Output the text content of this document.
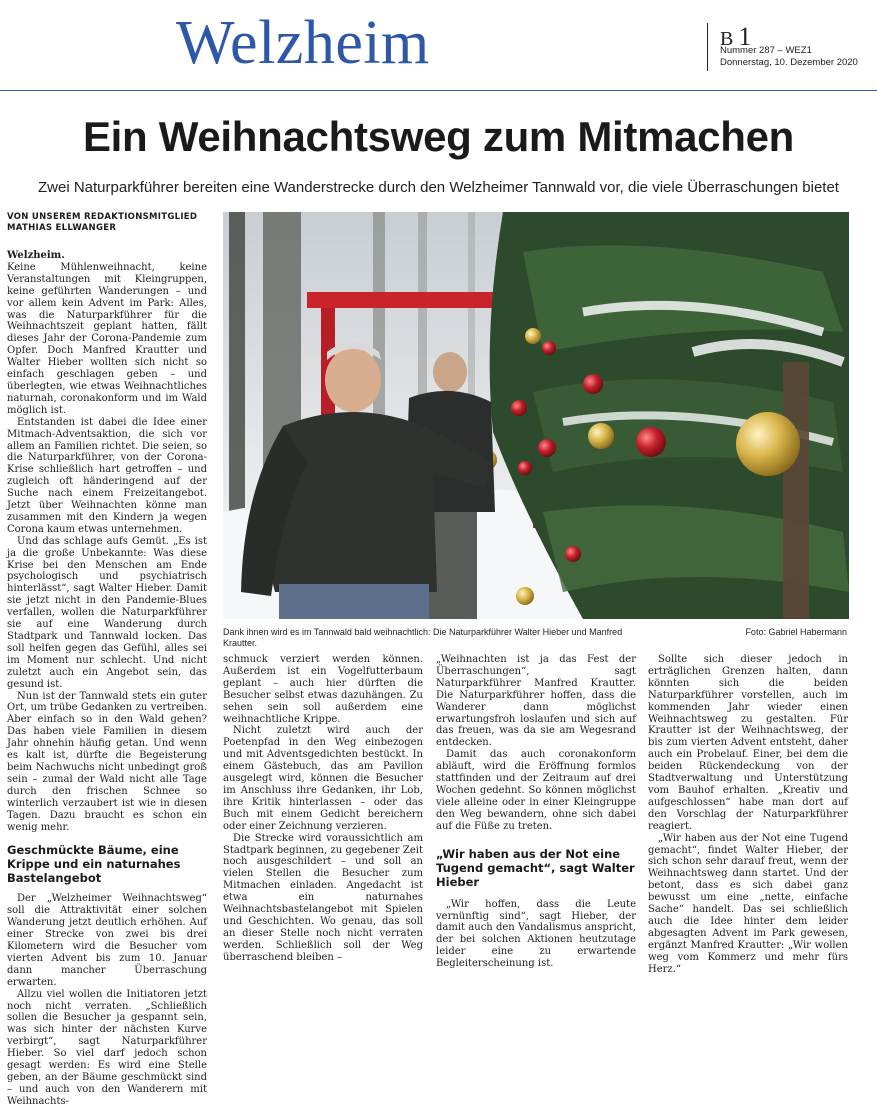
Welzheim	B 1
Nummer 287 – WEZ1
Donnerstag, 10. Dezember 2020
Ein Weihnachtsweg zum Mitmachen
Zwei Naturparkführer bereiten eine Wanderstrecke durch den Welzheimer Tannwald vor, die viele Überraschungen bietet
VON UNSEREM REDAKTIONSMITGLIED
MATHIAS ELLWANGER

Welzheim.
Keine Mühlenweihnacht, keine Veranstaltungen mit Kleingruppen, keine geführten Wanderungen – und vor allem kein Advent im Park: Alles, was die Naturparkführer für die Weihnachtszeit geplant hatten, fällt dieses Jahr der Corona-Pandemie zum Opfer. Doch Manfred Krautter und Walter Hieber wollten sich nicht so einfach geschlagen geben – und überlegten, wie etwas Weihnachtliches naturnah, coronakonform und im Wald möglich ist.

Entstanden ist dabei die Idee einer Mitmach-Adventsaktion, die sich vor allem an Familien richtet. Die seien, so die Naturparkführer, von der Corona-Krise schließlich hart getroffen – und zugleich oft händeringend auf der Suche nach einem Freizeitangebot. Jetzt über Weihnachten könne man zusammen mit den Kindern ja wegen Corona kaum etwas unternehmen.

Und das schlage aufs Gemüt. „Es ist ja die große Unbekannte: Was diese Krise bei den Menschen am Ende psychologisch und psychiatrisch hinterlässt“, sagt Walter Hieber. Damit sie jetzt nicht in den Pandemie-Blues verfallen, wollen die Naturparkführer sie auf eine Wanderung durch Stadtpark und Tannwald locken. Das soll helfen gegen das Gefühl, alles sei im Moment nur schlecht. Und nicht zuletzt auch ein Angebot sein, das gesund ist.

Nun ist der Tannwald stets ein guter Ort, um trübe Gedanken zu vertreiben. Aber einfach so in den Wald gehen? Das haben viele Familien in diesem Jahr ohnehin häufig getan. Und wenn es kalt ist, dürfte die Begeisterung beim Nachwuchs nicht unbedingt groß sein – zumal der Wald nicht alle Tage durch den frischen Schnee so winterlich verzaubert ist wie in diesen Tagen. Dazu braucht es schon ein wenig mehr.

Geschmückte Bäume, eine Krippe und ein naturnahes Bastelangebot

Der „Welzheimer Weihnachtsweg“ soll die Attraktivität einer solchen Wanderung jetzt deutlich erhöhen. Auf einer Strecke von zwei bis drei Kilometern wird die Besucher vom vierten Advent bis zum 10. Januar dann mancher Überraschung erwarten.

Allzu viel wollen die Initiatoren jetzt noch nicht verraten. „Schließlich sollen die Besucher ja gespannt sein, was sich hinter der nächsten Kurve verbirgt“, sagt Naturparkführer Hieber. So viel darf jedoch schon gesagt werden: Es wird eine Stelle geben, an der Bäume geschmückt sind – und auch von den Wanderern mit Weihnachts-

Dank ihnen wird es im Tannwald bald weihnachtlich: Die Naturparkführer Walter Hieber und Manfred Krautter.
Foto: Gabriel Habermann

schmuck verziert werden können. Außerdem ist ein Vogelfutterbaum geplant – auch hier dürften die Besucher selbst etwas dazuhängen. Zu sehen sein soll außerdem eine weihnachtliche Krippe.

Nicht zuletzt wird auch der Poetenpfad in den Weg einbezogen und mit Adventsgedichten bestückt. In einem Gästebuch, das am Pavillon ausgelegt wird, können die Besucher im Anschluss ihre Gedanken, ihr Lob, ihre Kritik hinterlassen – oder das Buch mit einem Gedicht bereichern oder einer Zeichnung verzieren.

Die Strecke wird voraussichtlich am Stadtpark beginnen, zu gegebener Zeit noch ausgeschildert – und soll an vielen Stellen die Besucher zum Mitmachen einladen. Angedacht ist etwa ein naturnahes Weihnachtsbastelangebot mit Spielen und Geschichten. Wo genau, das soll an dieser Stelle noch nicht verraten werden. Schließlich soll der Weg überraschend bleiben –

„Weihnachten ist ja das Fest der Überraschungen“, sagt Naturparkführer Manfred Krautter. Die Naturparkführer hoffen, dass die Wanderer dann möglichst erwartungsfroh loslaufen und sich auf das freuen, was da sie am Wegesrand entdecken.

Damit das auch coronakonform abläuft, wird die Eröffnung formlos stattfinden und der Zeitraum auf drei Wochen gedehnt. So können möglichst viele alleine oder in einer Kleingruppe den Weg bewandern, ohne sich dabei auf die Füße zu treten.

„Wir haben aus der Not eine Tugend gemacht“, sagt Walter Hieber

„Wir hoffen, dass die Leute vernünftig sind“, sagt Hieber, der damit auch den Vandalismus anspricht, der bei solchen Aktionen heutzutage leider eine zu erwartende Begleiterscheinung ist.

Sollte sich dieser jedoch in erträglichen Grenzen halten, dann könnten sich die beiden Naturparkführer vorstellen, auch im kommenden Jahr wieder einen Weihnachtsweg zu gestalten. Für Krautter ist der Weihnachtsweg, der bis zum vierten Advent entsteht, daher auch ein Probelauf. Einer, bei dem die beiden Rückendeckung von der Stadtverwaltung und Unterstützung vom Bauhof erhalten. „Kreativ und aufgeschlossen“ habe man dort auf den Vorschlag der Naturparkführer reagiert.

„Wir haben aus der Not eine Tugend gemacht“, findet Walter Hieber, der sich schon sehr darauf freut, wenn der Weihnachtsweg dann startet. Und der betont, dass es sich dabei ganz bewusst um eine „nette, einfache Sache“ handelt. Das sei schließlich auch die Idee hinter dem leider abgesagten Advent im Park gewesen, ergänzt Manfred Krautter: „Wir wollen weg vom Kommerz und mehr fürs Herz.“
